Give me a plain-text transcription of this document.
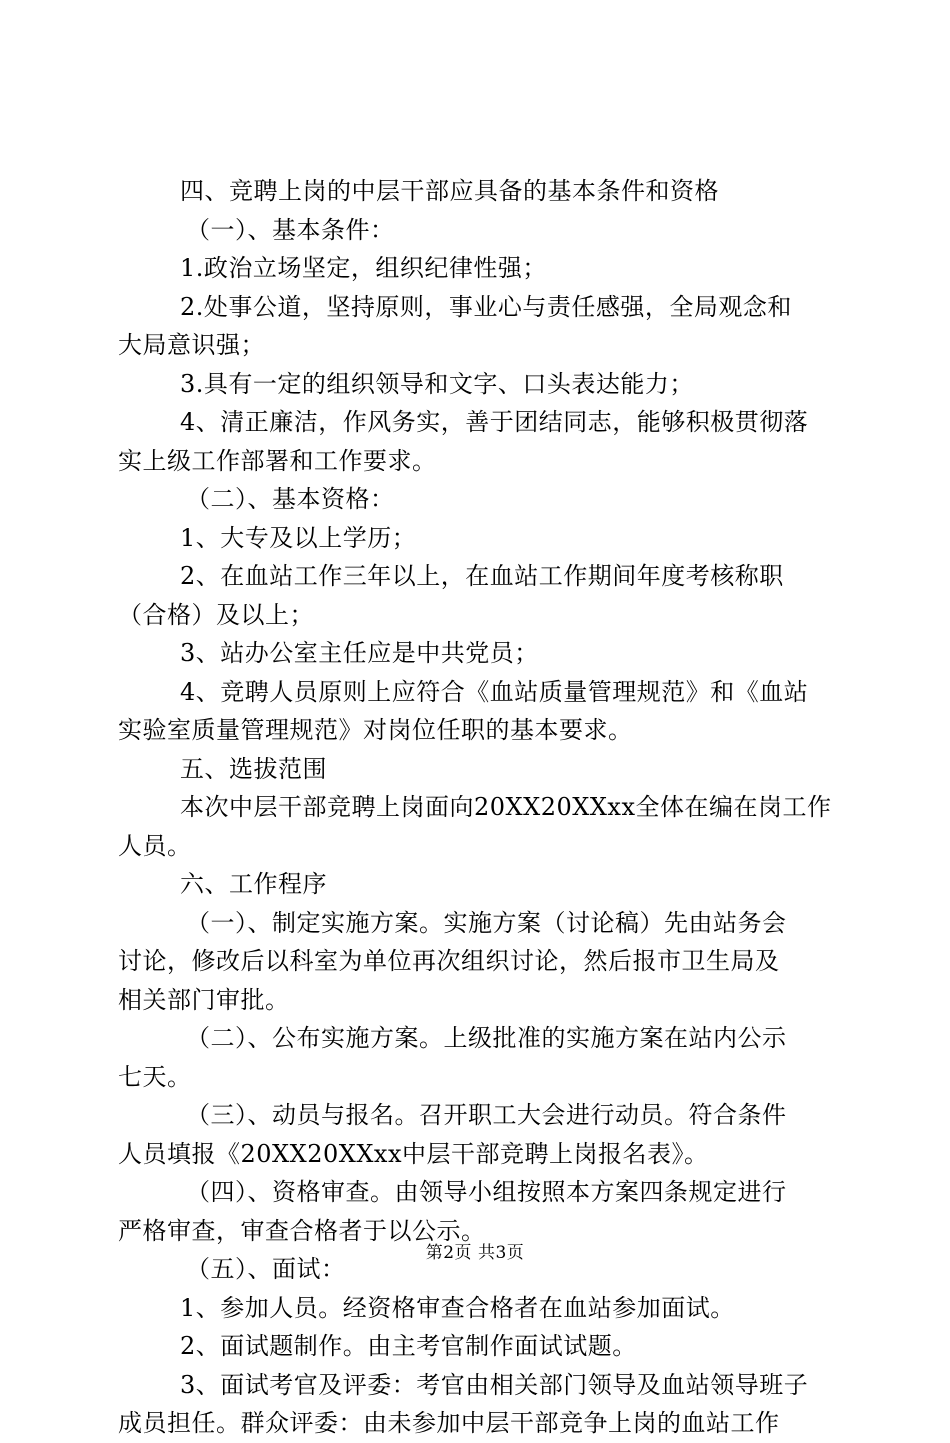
四、竞聘上岗的中层干部应具备的基本条件和资格
（一）、基本条件：
1.政治立场坚定，组织纪律性强；
2.处事公道，坚持原则，事业心与责任感强，全局观念和
大局意识强；
3.具有一定的组织领导和文字、口头表达能力；
4、清正廉洁，作风务实，善于团结同志，能够积极贯彻落
实上级工作部署和工作要求。
（二）、基本资格：
1、大专及以上学历；
2、在血站工作三年以上，在血站工作期间年度考核称职
（合格）及以上；
3、站办公室主任应是中共党员；
4、竞聘人员原则上应符合《血站质量管理规范》和《血站
实验室质量管理规范》对岗位任职的基本要求。
五、选拔范围
本次中层干部竞聘上岗面向20XX20XXxx全体在编在岗工作
人员。
六、工作程序
（一）、制定实施方案。实施方案（讨论稿）先由站务会
讨论，修改后以科室为单位再次组织讨论，然后报市卫生局及
相关部门审批。
（二）、公布实施方案。上级批准的实施方案在站内公示
七天。
（三）、动员与报名。召开职工大会进行动员。符合条件
人员填报《20XX20XXxx中层干部竞聘上岗报名表》。
（四）、资格审查。由领导小组按照本方案四条规定进行
严格审查，审查合格者于以公示。
（五）、面试：
1、参加人员。经资格审查合格者在血站参加面试。
2、面试题制作。由主考官制作面试试题。
3、面试考官及评委：考官由相关部门领导及血站领导班子
成员担任。群众评委：由未参加中层干部竞争上岗的血站工作
第2页 共3页
